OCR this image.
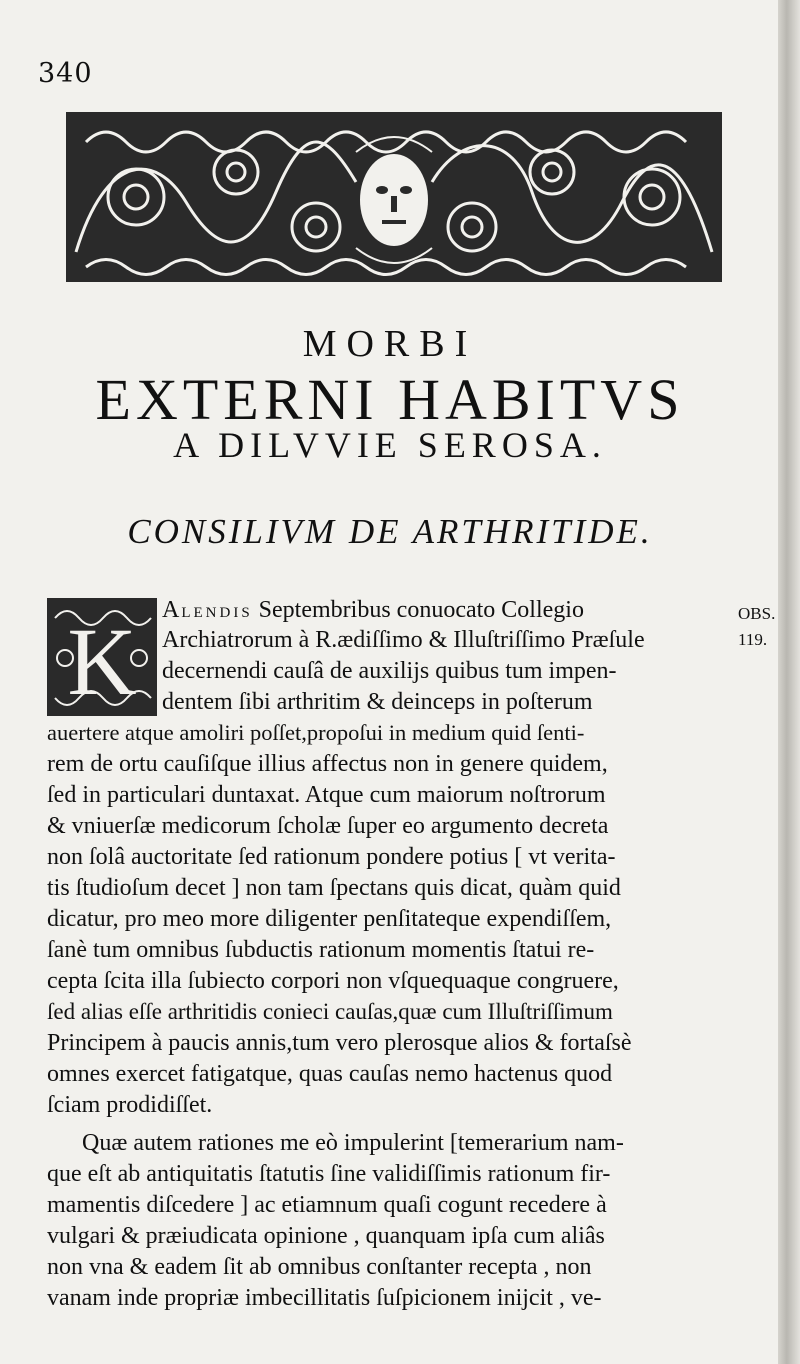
340
MORBI
EXTERNI HABITVS
A DILVVIE SEROSA.
CONSILIVM DE ARTHRITIDE.
K ALENDIS Septembribus conuocato Collegio
Archiatrorum à R.ædiſſimo & Illuſtriſſimo Præſule
decernendi cauſâ de auxilijs quibus tum impen-
dentem ſibi arthritim & deinceps in poſterum
auertere atque amoliri poſſet,propoſui in medium quid ſenti-
rem de ortu cauſiſque illius affectus non in genere quidem,
ſed in particulari duntaxat. Atque cum maiorum noſtrorum
& vniuerſæ medicorum ſcholæ ſuper eo argumento decreta
non ſolâ auctoritate ſed rationum pondere potius [ vt verita-
tis ſtudioſum decet ] non tam ſpectans quis dicat, quàm quid
dicatur, pro meo more diligenter penſitateque expendiſſem,
ſanè tum omnibus ſubductis rationum momentis ſtatui re-
cepta ſcita illa ſubiecto corpori non vſquequaque congruere,
ſed alias eſſe arthritidis conieci cauſas,quæ cum Illuſtriſſimum
Principem à paucis annis,tum vero plerosque alios & fortaſsè
omnes exercet fatigatque, quas cauſas nemo hactenus quod
ſciam prodidiſſet.
Quæ autem rationes me eò impulerint [temerarium nam-
que eſt ab antiquitatis ſtatutis ſine validiſſimis rationum fir-
mamentis diſcedere ] ac etiamnum quaſi cogunt recedere à
vulgari & præiudicata opinione , quanquam ipſa cum aliâs
non vna & eadem ſit ab omnibus conſtanter recepta , non
vanam inde propriæ imbecillitatis ſuſpicionem inijcit , ve-
OBS.
119.
